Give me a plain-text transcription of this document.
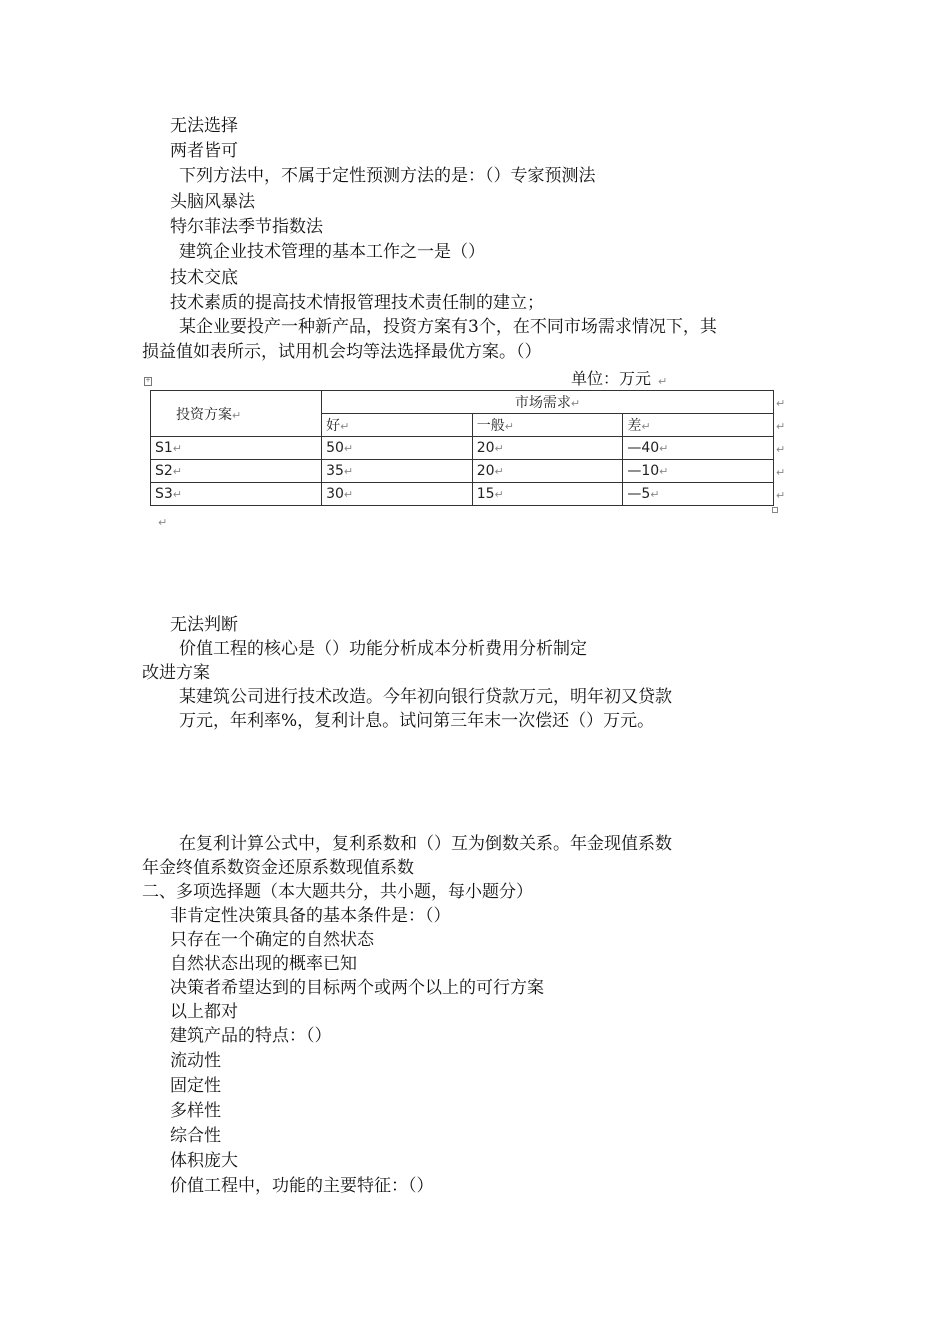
无法选择
两者皆可
下列方法中，不属于定性预测方法的是：（）专家预测法
头脑风暴法
特尔菲法季节指数法
建筑企业技术管理的基本工作之一是（）
技术交底
技术素质的提高技术情报管理技术责任制的建立；
某企业要投产一种新产品，投资方案有3个，在不同市场需求情况下，其
损益值如表所示，试用机会均等法选择最优方案。（）
单位：万元 ↵
+
投资方案↵	市场需求↵		
	好↵	一般↵	差↵
S1↵	50↵	20↵	—40↵
S2↵	35↵	20↵	—10↵
S3↵	30↵	15↵	—5↵
↵
↵
↵
↵
↵
↵
无法判断
价值工程的核心是（）功能分析成本分析费用分析制定
改进方案
某建筑公司进行技术改造。今年初向银行贷款万元，明年初又贷款
万元，年利率%，复利计息。试问第三年末一次偿还（）万元。
在复利计算公式中，复利系数和（）互为倒数关系。年金现值系数
年金终值系数资金还原系数现值系数
二、多项选择题（本大题共分，共小题，每小题分）
非肯定性决策具备的基本条件是：（）
只存在一个确定的自然状态
自然状态出现的概率已知
决策者希望达到的目标两个或两个以上的可行方案
以上都对
建筑产品的特点：（）
流动性
固定性
多样性
综合性
体积庞大
价值工程中，功能的主要特征：（）
